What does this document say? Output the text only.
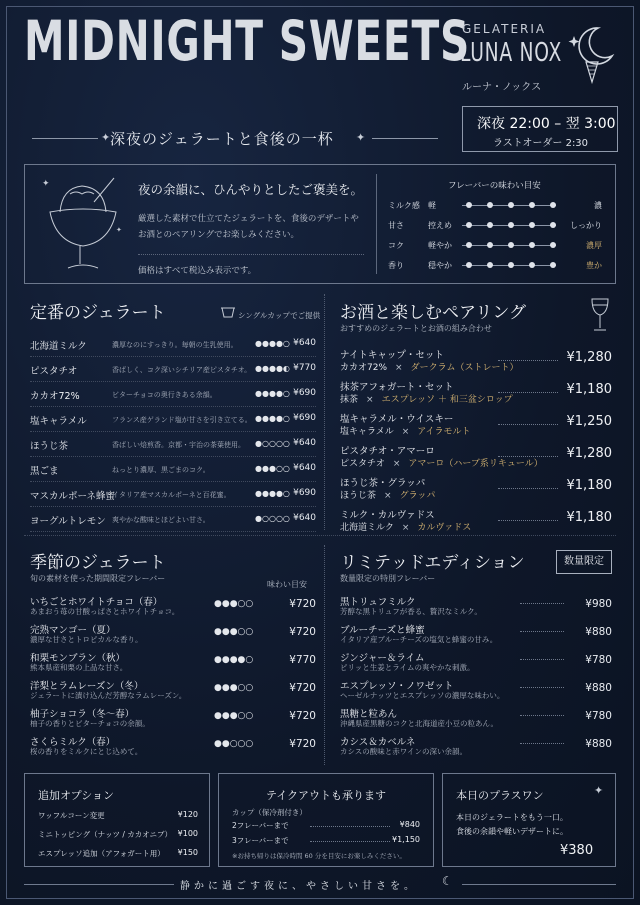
MIDNIGHT SWEETS
GELATERIA
LUNA NOX
ルーナ・ノックス
✦ 深夜のジェラートと食後の一杯 ✦
深夜 22:00 – 翌 3:00
ラストオーダー 2:30
✦
✦
夜の余韻に、ひんやりとしたご褒美を。
厳選した素材で仕立てたジェラートを、食後のデザートや
お酒とのペアリングでお楽しみください。
価格はすべて税込み表示です。
フレーバーの味わい目安
ミルク感 軽	濃
甘さ	控えめ	しっかり
コク	軽やか	濃厚
香り	穏やか	豊か
定番のジェラート	シングルカップでご提供
北海道ミルク	濃厚なのにすっきり。毎朝の生乳使用。 ●●●●○ ¥640
ピスタチオ	香ばしく、コク深いシチリア産ピスタチオ。 ●●●●◐ ¥770
カカオ72%	ビターチョコの奥行きある余韻。	●●●●○ ¥690
塩キャラメル	フランス産ゲランド塩が甘さを引き立てる。 ●●●●○ ¥690
ほうじ茶	香ばしい焙煎香。京都・宇治の茶葉使用。 ●○○○○ ¥640
黒ごま	ねっとり濃厚、黒ごまのコク。	●●●○○ ¥640
マスカルポーネ蜂蜜
イタリア産マスカルポーネと百花蜜。	●●●●○ ¥690
ヨーグルトレモン 爽やかな酸味とほどよい甘さ。	●○○○○ ¥640
お酒と楽しむペアリング
おすすめのジェラートとお酒の組み合わせ
ナイトキャップ・セット
カカオ72% × ダークラム（ストレート）
¥1,280
抹茶アフォガート・セット
抹茶 × エスプレッソ ＋ 和三盆シロップ
¥1,180
塩キャラメル・ウイスキー
塩キャラメル × アイラモルト
¥1,250
ピスタチオ・アマーロ
ピスタチオ × アマーロ（ハーブ系リキュール）
¥1,280
ほうじ茶・グラッパ
ほうじ茶 × グラッパ
¥1,180
ミルク・カルヴァドス
北海道ミルク × カルヴァドス
¥1,180
季節のジェラート
旬の素材を使った期間限定フレーバー
味わい目安
いちごとホワイトチョコ（春）
あまおう苺の甘酸っぱさとホワイトチョコ。
●●●○○	¥720
完熟マンゴー（夏）
濃厚な甘さとトロピカルな香り。
●●●○○	¥720
和栗モンブラン（秋）
熊本県産和栗の上品な甘さ。
●●●●○	¥770
洋梨とラムレーズン（冬）
ジェラートに漬け込んだ芳醇なラムレーズン。
●●●○○	¥720
柚子ショコラ（冬〜春）
柚子の香りとビターチョコの余韻。
●●●○○	¥720
さくらミルク（春）
桜の香りをミルクにとじ込めて。
●●○○○	¥720
リミテッドエディション
数量限定の特別フレーバー
数量限定
黒トリュフミルク
芳醇な黒トリュフが香る、贅沢なミルク。
¥980
ブルーチーズと蜂蜜
イタリア産ブルーチーズの塩気と蜂蜜の甘み。
¥880
ジンジャー＆ライム
ピリッと生姜とライムの爽やかな刺激。
¥780
エスプレッソ・ノワゼット
ヘーゼルナッツとエスプレッソの濃厚な味わい。
¥880
黒糖と粒あん
沖縄県産黒糖のコクと北海道産小豆の粒あん。
¥780
カシス＆カベルネ
カシスの酸味と赤ワインの深い余韻。
¥880
追加オプション
ワッフルコーン変更	¥120
ミニトッピング（ナッツ / カカオニブ） ¥100
エスプレッソ追加（アフォガート用）	¥150
テイクアウトも承ります
カップ（保冷剤付き）
2フレーバーまで	¥840
3フレーバーまで	¥1,150
※お持ち帰りは保冷時間 60 分を目安にお楽しみください。
本日のプラスワン	✦
本日のジェラートをもう一口。
食後の余韻や軽いデザートに。
¥380
静かに過ごす夜に、やさしい甘さを。 ☾
